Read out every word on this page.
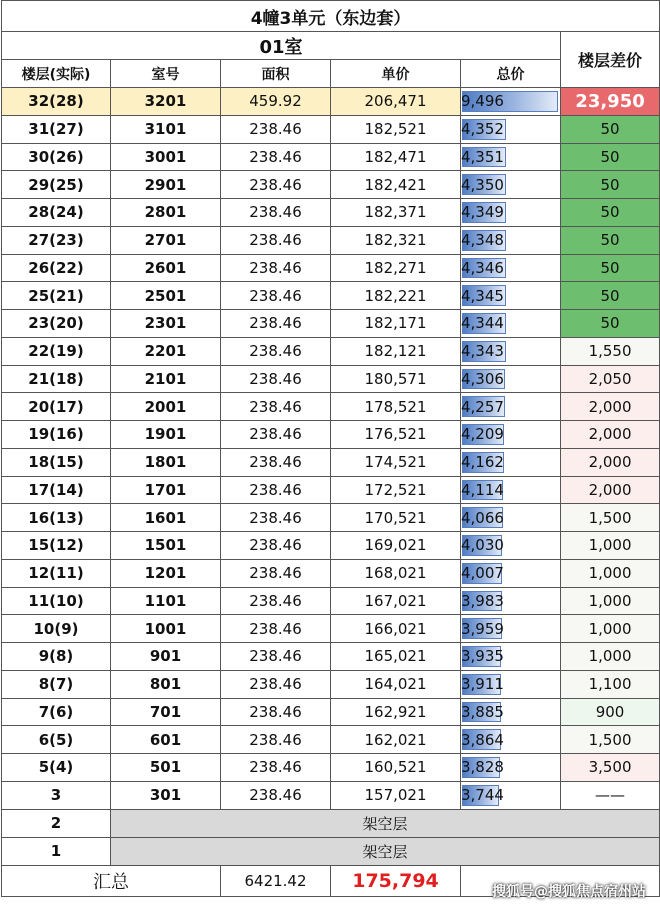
4幢3单元（东边套）					
01室					楼层差价
楼层(实际)	室号	面积	单价	总价	
32(28)	3201	459.92	206,471	9,496	23,950
31(27)	3101	238.46	182,521	4,352	50
30(26)	3001	238.46	182,471	4,351	50
29(25)	2901	238.46	182,421	4,350	50
28(24)	2801	238.46	182,371	4,349	50
27(23)	2701	238.46	182,321	4,348	50
26(22)	2601	238.46	182,271	4,346	50
25(21)	2501	238.46	182,221	4,345	50
23(20)	2301	238.46	182,171	4,344	50
22(19)	2201	238.46	182,121	4,343	1,550
21(18)	2101	238.46	180,571	4,306	2,050
20(17)	2001	238.46	178,521	4,257	2,000
19(16)	1901	238.46	176,521	4,209	2,000
18(15)	1801	238.46	174,521	4,162	2,000
17(14)	1701	238.46	172,521	4,114	2,000
16(13)	1601	238.46	170,521	4,066	1,500
15(12)	1501	238.46	169,021	4,030	1,000
12(11)	1201	238.46	168,021	4,007	1,000
11(10)	1101	238.46	167,021	3,983	1,000
10(9)	1001	238.46	166,021	3,959	1,000
9(8)	901	238.46	165,021	3,935	1,000
8(7)	801	238.46	164,021	3,911	1,100
7(6)	701	238.46	162,921	3,885	900
6(5)	601	238.46	162,021	3,864	1,500
5(4)	501	238.46	160,521	3,828	3,500
3	301	238.46	157,021	3,744	——
2	架空层				
1	架空层				
汇总		6421.42	175,794		
搜狐号@搜狐焦点宿州站
